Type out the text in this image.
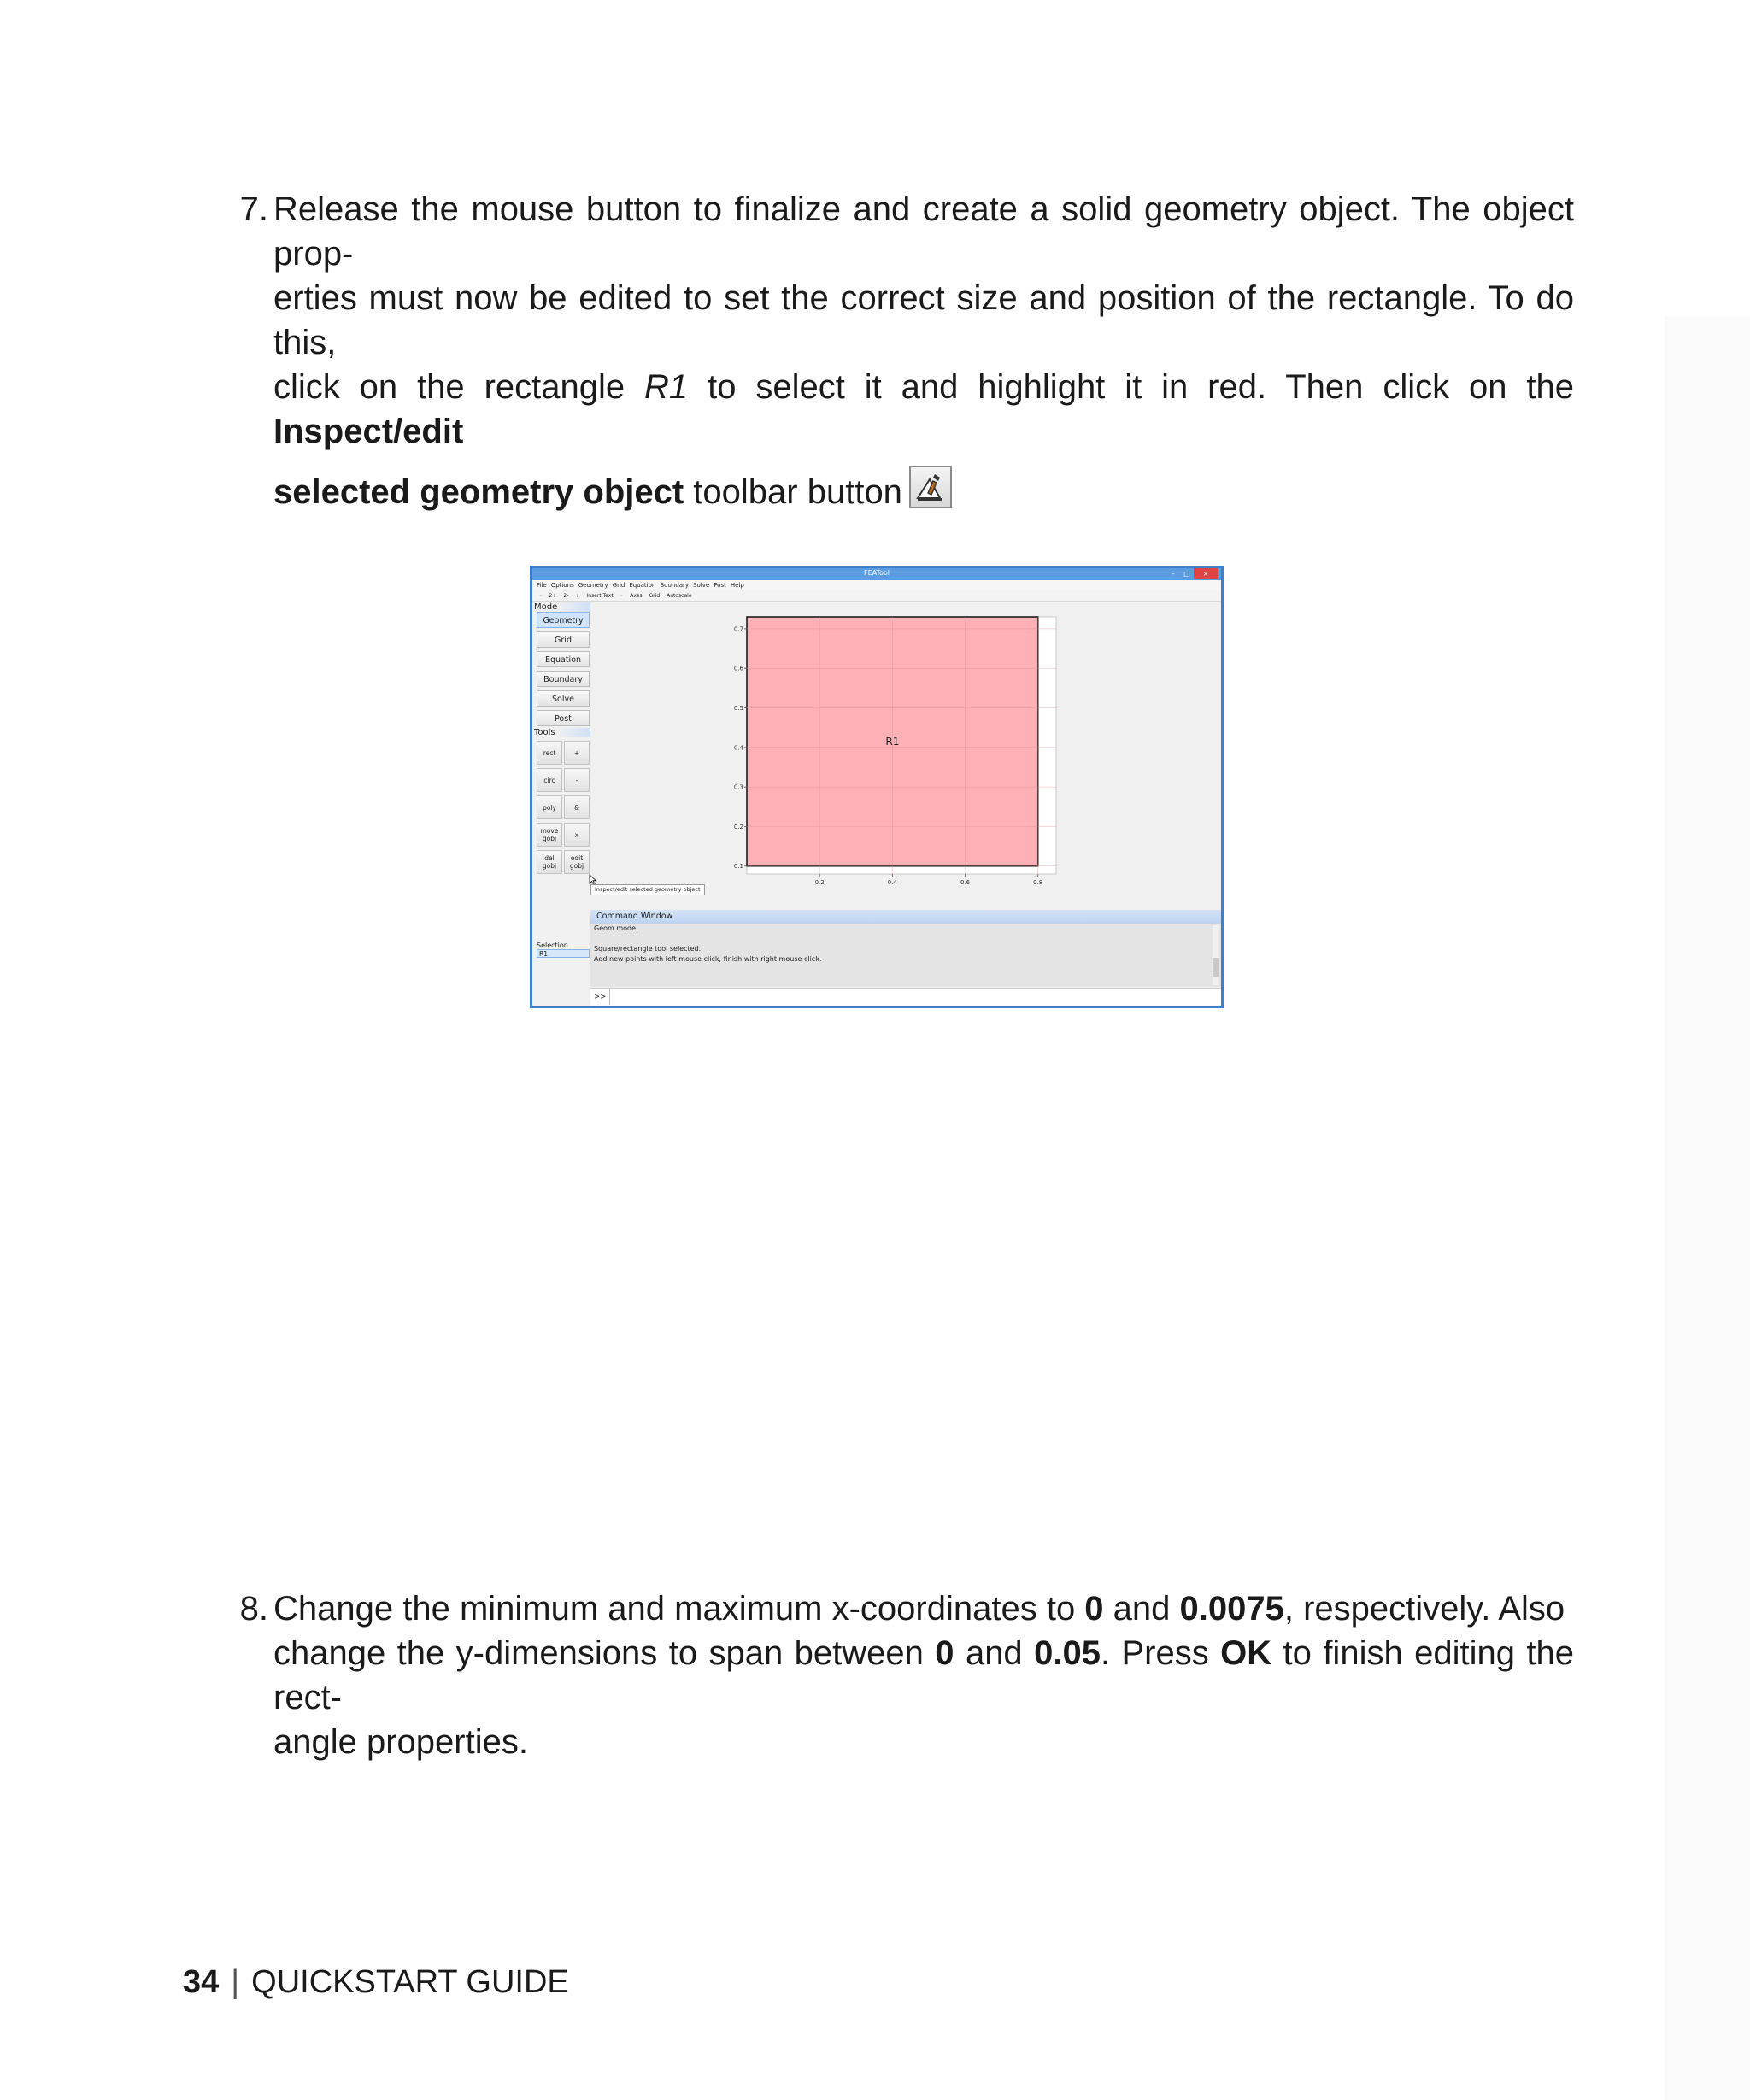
7. Release the mouse button to finalize and create a solid geometry object. The object prop-
erties must now be edited to set the correct size and position of the rectangle. To do this,
click on the rectangle R1 to select it and highlight it in red. Then click on the Inspect/edit
selected geometry object toolbar button
FEATool	–	□	×
File Options Geometry Grid Equation Boundary Solve Post Help
◦ 2+ 2- + Insert Text ◦ Axes Grid Autoscale
Mode
Geometry
Grid
Equation
Boundary
Solve
Post
Tools
rect	+
circ	-
poly	&
move gobj	x
del gobj
edit gobj
Selection
R1
Inspect/edit selected geometry object
0.2	0.4	0.6	0.8
0.1
0.2
0.3
0.4
0.5
0.6
0.7
R1
Command Window
Geom mode.
Square/rectangle tool selected.
Add new points with left mouse click, finish with right mouse click.
>>
8. Change the minimum and maximum x-coordinates to 0 and 0.0075, respectively. Also
change the y-dimensions to span between 0 and 0.05. Press OK to finish editing the rect-
angle properties.
34 | QUICKSTART GUIDE
